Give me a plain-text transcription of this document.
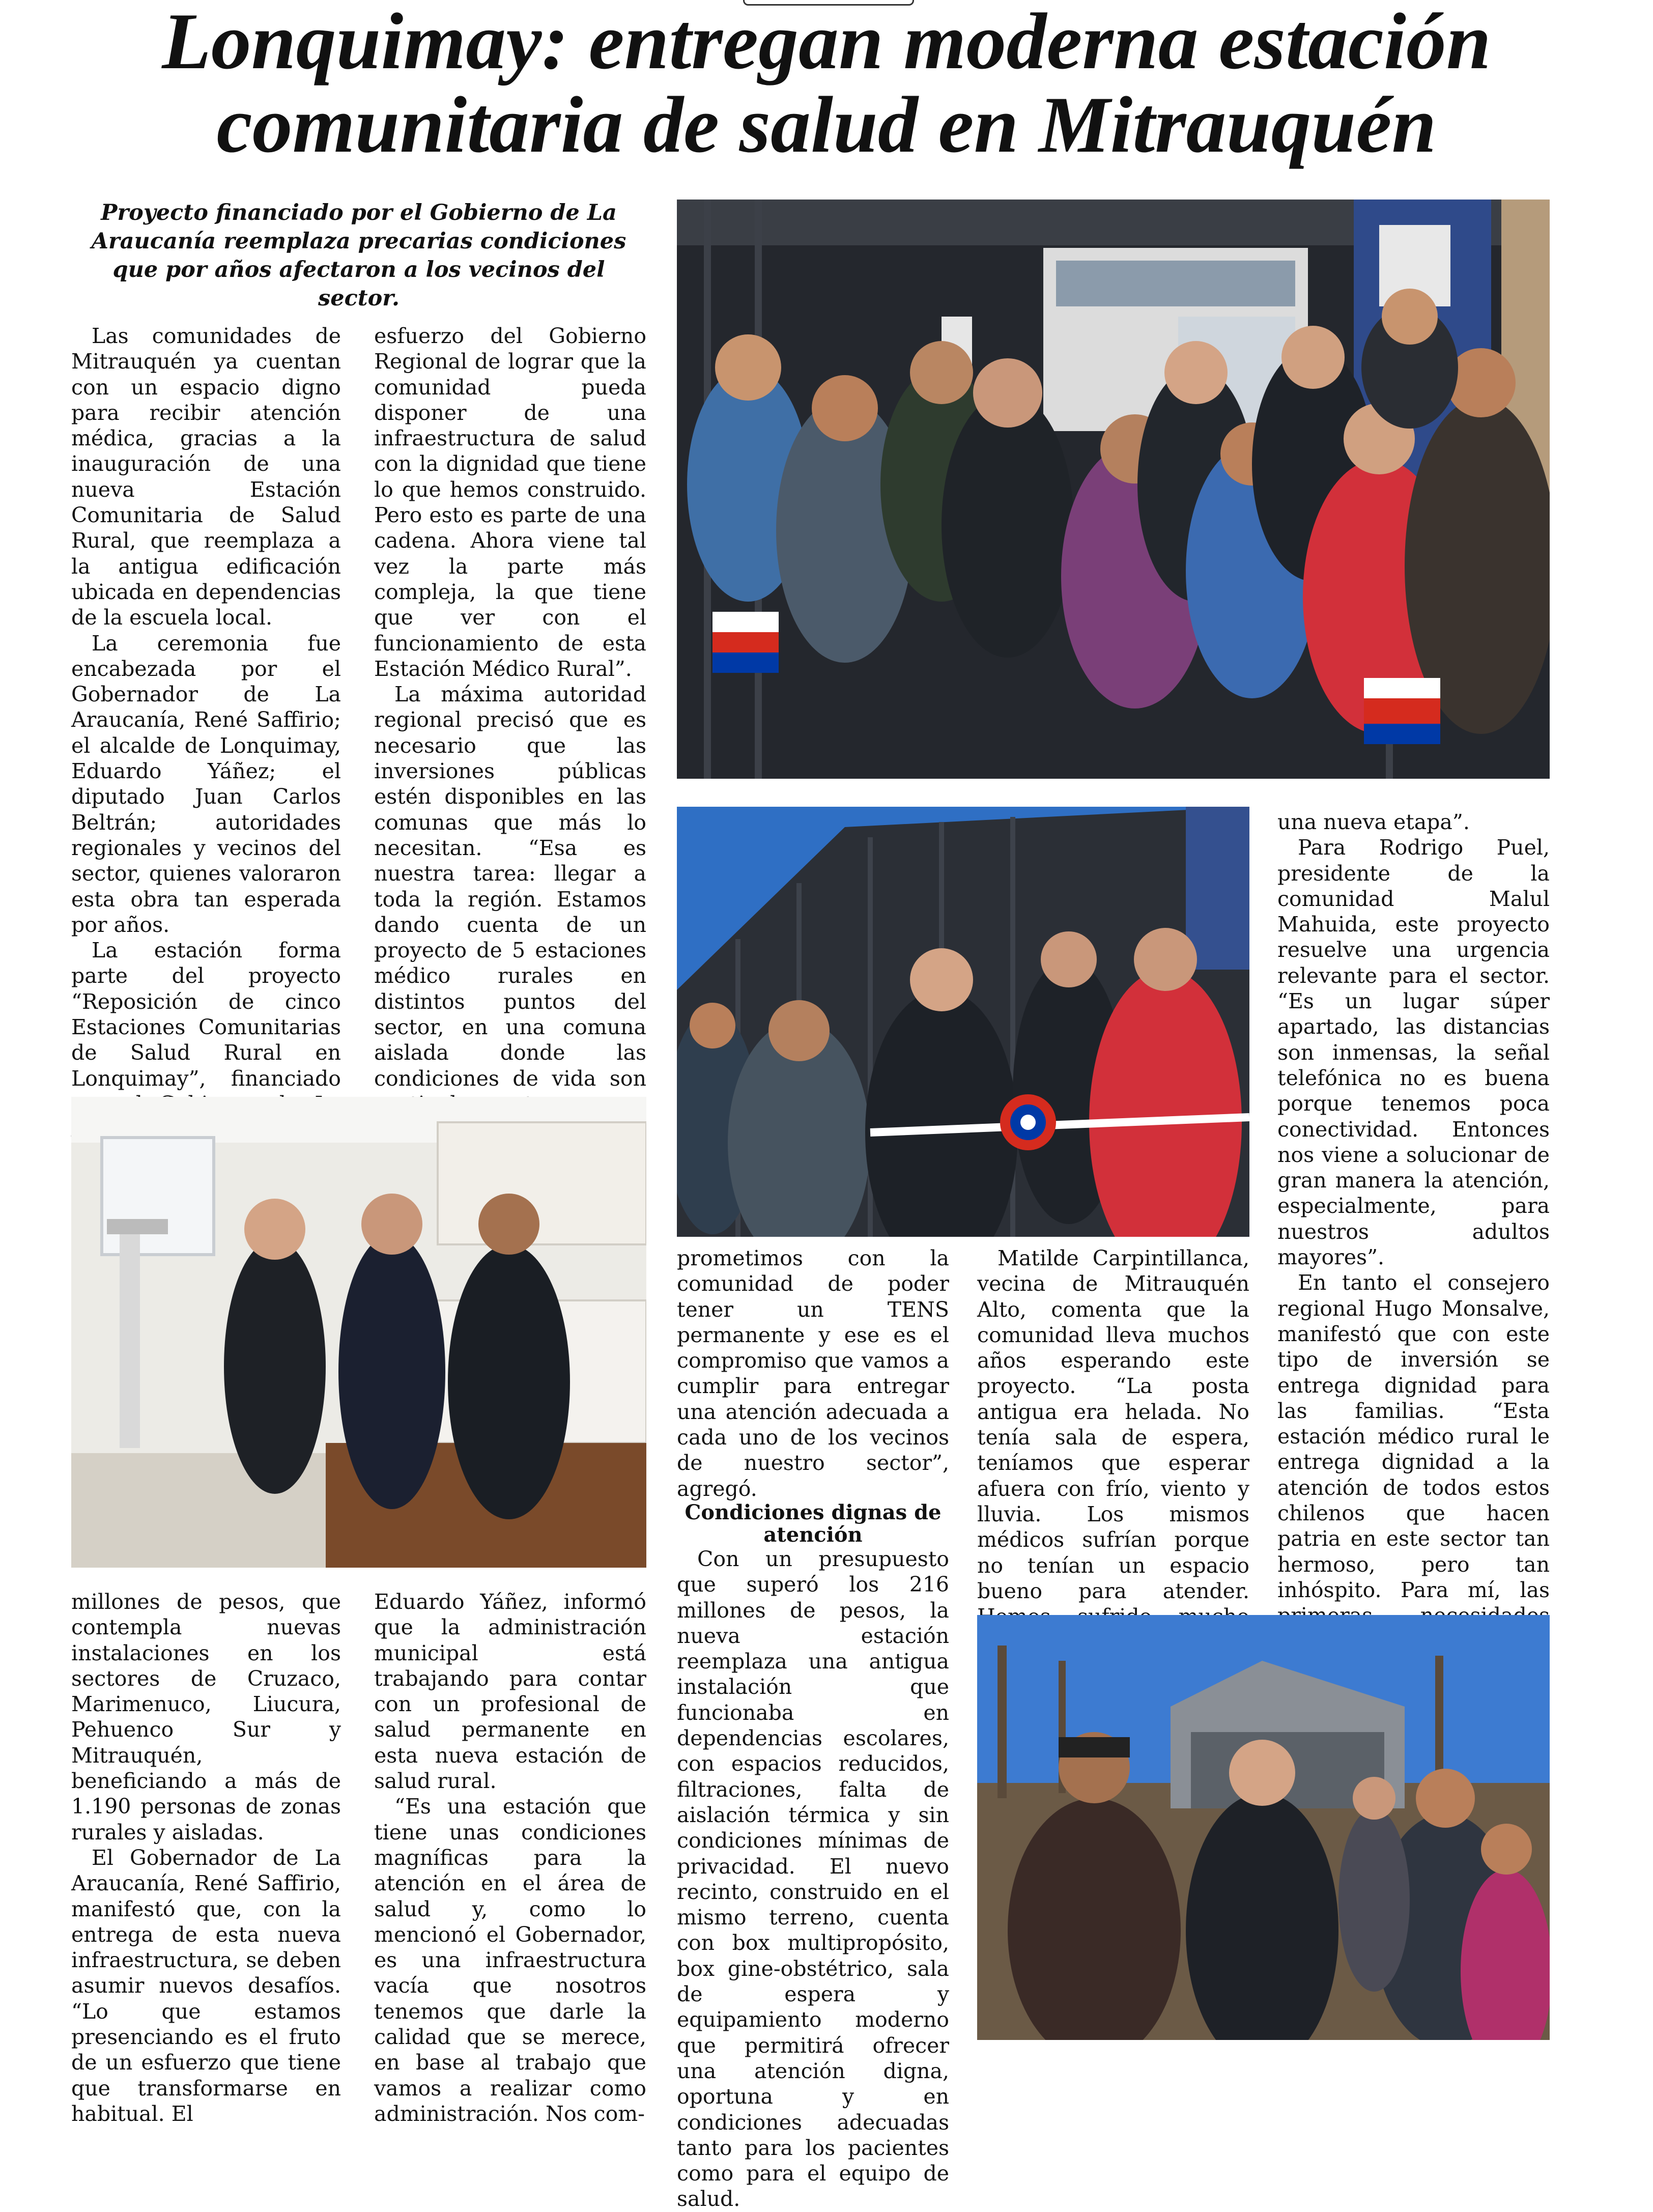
Lonquimay: entregan moderna estación comunitaria de salud en Mitrauquén

Proyecto financiado por el Gobierno de La Araucanía reemplaza precarias condiciones que por años afectaron a los vecinos del sector.

Las comunidades de Mitrauquén ya cuentan con un espacio digno para recibir atención médica, gracias a la inauguración de una nueva Estación Comunitaria de Salud Rural, que reemplaza a la antigua edificación ubicada en dependencias de la escuela local.

La ceremonia fue encabezada por el Gobernador de La Araucanía, René Saffirio; el alcalde de Lonquimay, Eduardo Yáñez; el diputado Juan Carlos Beltrán; autoridades regionales y vecinos del sector, quienes valoraron esta obra tan esperada por años.

La estación forma parte del proyecto “Reposición de cinco Estaciones Comunitarias de Salud Rural en Lonquimay”, financiado

esfuerzo del Gobierno Regional de lograr que la comunidad pueda disponer de una infraestructura de salud con la dignidad que tiene lo que hemos construido. Pero esto es parte de una cadena. Ahora viene tal vez la parte más compleja, la que tiene que ver con el funcionamiento de esta Estación Médico Rural”.

La máxima autoridad regional precisó que es necesario que las inversiones públicas estén disponibles en las comunas que más lo necesitan. “Esa es nuestra tarea: llegar a toda la región. Estamos dando cuenta de un proyecto de 5 estaciones médico rurales en distintos puntos del sector, en una comuna aislada donde las condiciones de vida son

millones de pesos, que contempla nuevas instalaciones en los sectores de Cruzaco, Marimenuco, Liucura, Pehuenco Sur y Mitrauquén, beneficiando a más de 1.190 personas de zonas rurales y aisladas.

El Gobernador de La Araucanía, René Saffirio, manifestó que, con la entrega de esta nueva infraestructura, se deben asumir nuevos desafíos. “Lo que estamos presenciando es el fruto de un esfuerzo que tiene que transformarse en habitual. El

Eduardo Yáñez, informó que la administración municipal está trabajando para contar con un profesional de salud permanente en esta nueva estación de salud rural.

“Es una estación que tiene unas condiciones magníficas para la atención en el área de salud y, como lo mencionó el Gobernador, es una infraestructura vacía que nosotros tenemos que darle la calidad que se merece, en base al trabajo que vamos a realizar como administración. Nos com-

prometimos con la comunidad de poder tener un TENS permanente y ese es el compromiso que vamos a cumplir para entregar una atención adecuada a cada uno de los vecinos de nuestro sector”, agregó.

Condiciones dignas de atención

Con un presupuesto que superó los 216 millones de pesos, la nueva estación reemplaza una antigua instalación que funcionaba en dependencias escolares, con espacios reducidos, filtraciones, falta de aislación térmica y sin condiciones mínimas de privacidad. El nuevo recinto, construido en el mismo terreno, cuenta con box multipropósito, box gine-obstétrico, sala de espera y equipamiento moderno que permitirá ofrecer una atención digna, oportuna y en condiciones adecuadas tanto para los pacientes como para el equipo de salud.

Matilde Carpintillanca, vecina de Mitrauquén Alto, comenta que la comunidad lleva muchos años esperando este proyecto. “La posta antigua era helada. No tenía sala de espera, teníamos que esperar afuera con frío, viento y lluvia. Los mismos médicos sufrían porque no tenían un espacio bueno para atender.

una nueva etapa”.

Para Rodrigo Puel, presidente de la comunidad Malul Mahuida, este proyecto resuelve una urgencia relevante para el sector. “Es un lugar súper apartado, las distancias son inmensas, la señal telefónica no es buena porque tenemos poca conectividad. Entonces nos viene a solucionar de gran manera la atención, especialmente, para nuestros adultos mayores”.

En tanto el consejero regional Hugo Monsalve, manifestó que con este tipo de inversión se entrega dignidad para las familias. “Esta estación médico rural le entrega dignidad a la atención de todos estos chilenos que hacen patria en este sector tan hermoso, pero tan inhóspito. Para mí, las
